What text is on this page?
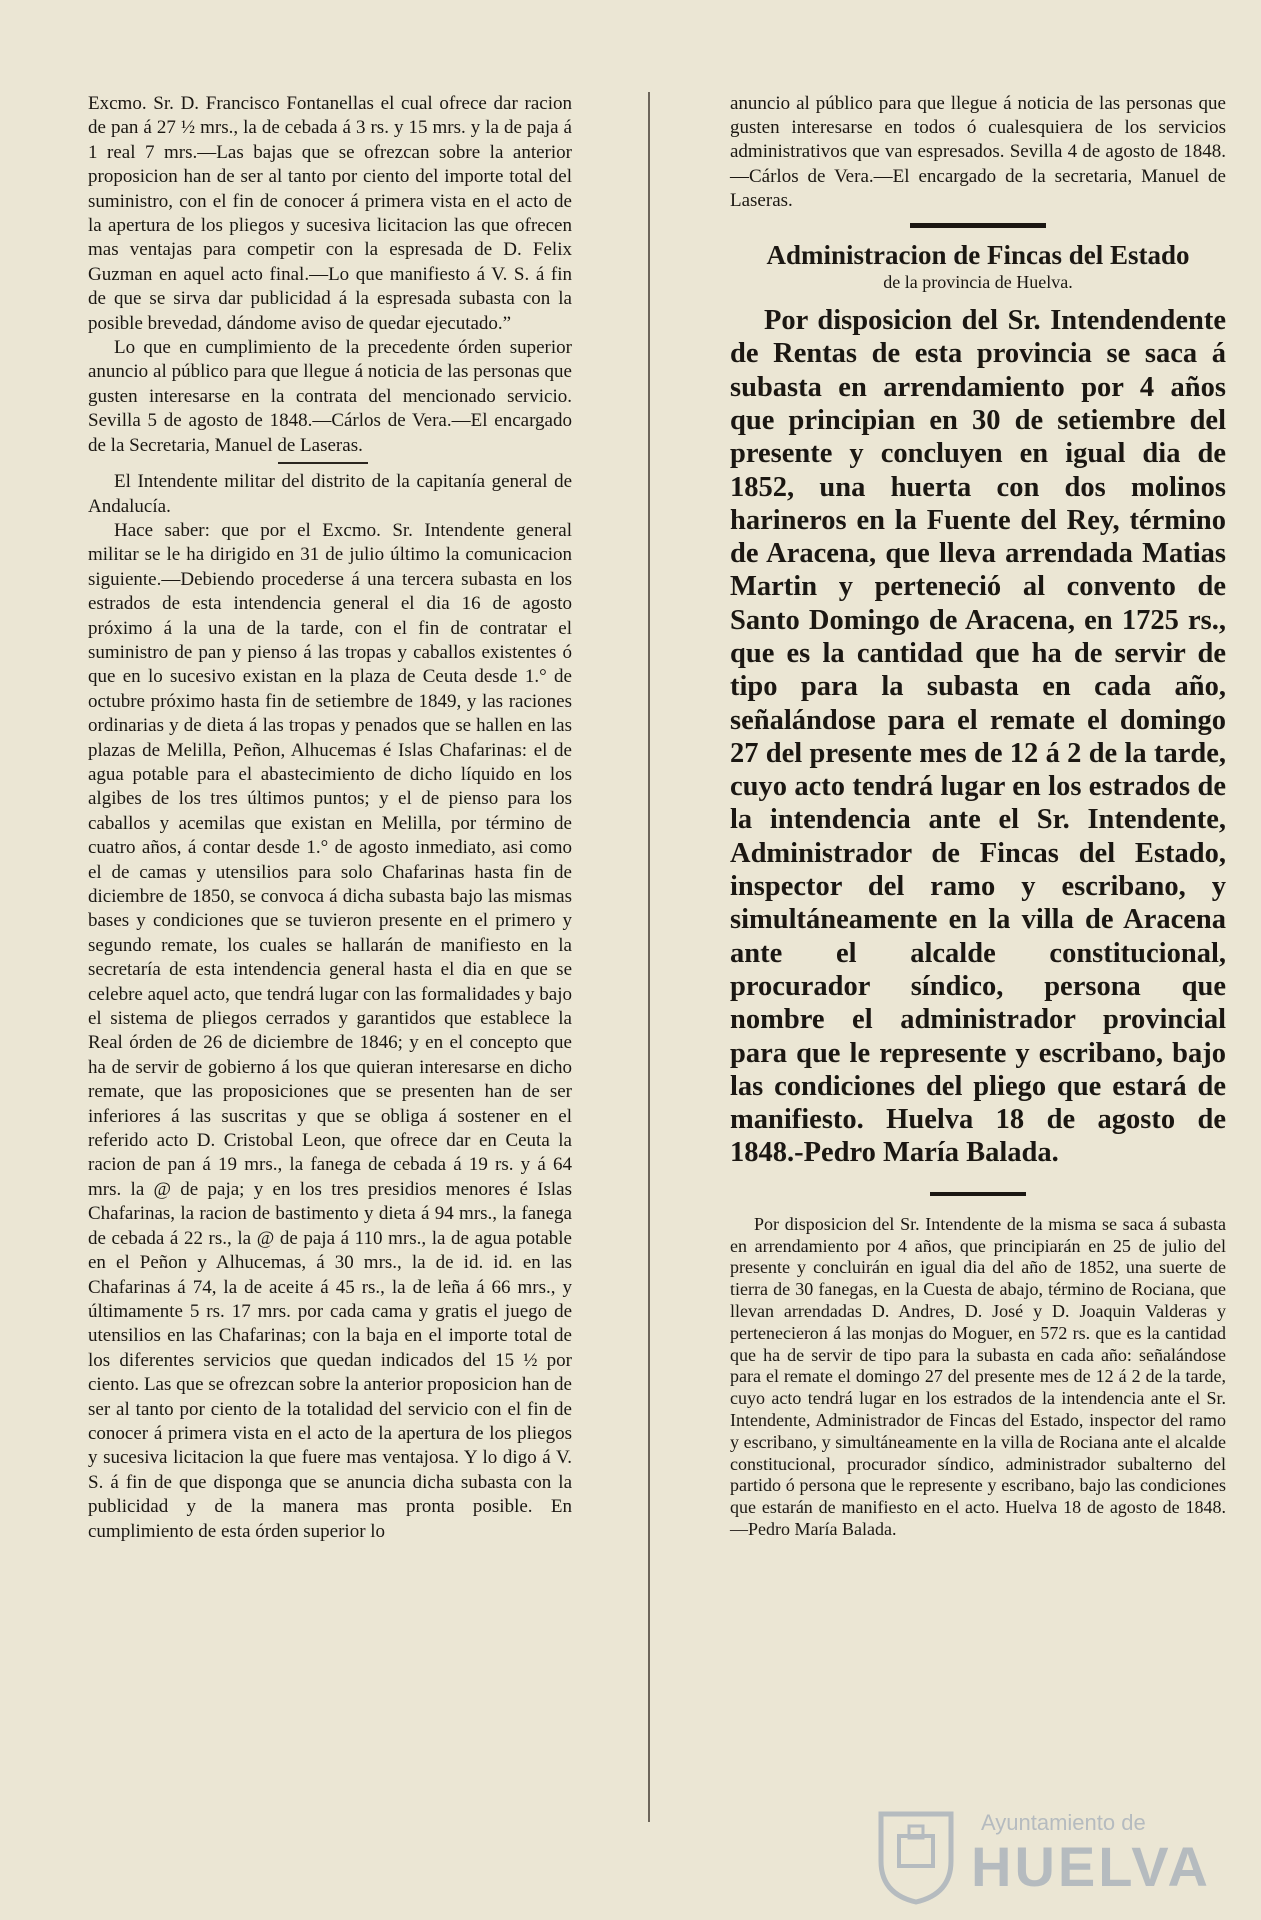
Excmo. Sr. D. Francisco Fontanellas el cual ofrece dar racion de pan á 27 ½ mrs., la de cebada á 3 rs. y 15 mrs. y la de paja á 1 real 7 mrs.—Las bajas que se ofrezcan sobre la anterior proposicion han de ser al tanto por ciento del importe total del suministro, con el fin de conocer á primera vista en el acto de la apertura de los pliegos y sucesiva licitacion las que ofrecen mas ventajas para competir con la espresada de D. Felix Guzman en aquel acto final.—Lo que manifiesto á V. S. á fin de que se sirva dar publicidad á la espresada subasta con la posible brevedad, dándome aviso de quedar ejecutado.”

Lo que en cumplimiento de la precedente órden superior anuncio al público para que llegue á noticia de las personas que gusten interesarse en la contrata del mencionado servicio. Sevilla 5 de agosto de 1848.—Cárlos de Vera.—El encargado de la Secretaria, Manuel de Laseras.

El Intendente militar del distrito de la capitanía general de Andalucía.

Hace saber: que por el Excmo. Sr. Intendente general militar se le ha dirigido en 31 de julio último la comunicacion siguiente.—Debiendo procederse á una tercera subasta en los estrados de esta intendencia general el dia 16 de agosto próximo á la una de la tarde, con el fin de contratar el suministro de pan y pienso á las tropas y caballos existentes ó que en lo sucesivo existan en la plaza de Ceuta desde 1.° de octubre próximo hasta fin de setiembre de 1849, y las raciones ordinarias y de dieta á las tropas y penados que se hallen en las plazas de Melilla, Peñon, Alhucemas é Islas Chafarinas: el de agua potable para el abastecimiento de dicho líquido en los algibes de los tres últimos puntos; y el de pienso para los caballos y acemilas que existan en Melilla, por término de cuatro años, á contar desde 1.° de agosto inmediato, asi como el de camas y utensilios para solo Chafarinas hasta fin de diciembre de 1850, se convoca á dicha subasta bajo las mismas bases y condiciones que se tuvieron presente en el primero y segundo remate, los cuales se hallarán de manifiesto en la secretaría de esta intendencia general hasta el dia en que se celebre aquel acto, que tendrá lugar con las formalidades y bajo el sistema de pliegos cerrados y garantidos que establece la Real órden de 26 de diciembre de 1846; y en el concepto que ha de servir de gobierno á los que quieran interesarse en dicho remate, que las proposiciones que se presenten han de ser inferiores á las suscritas y que se obliga á sostener en el referido acto D. Cristobal Leon, que ofrece dar en Ceuta la racion de pan á 19 mrs., la fanega de cebada á 19 rs. y á 64 mrs. la @ de paja; y en los tres presidios menores é Islas Chafarinas, la racion de bastimento y dieta á 94 mrs., la fanega de cebada á 22 rs., la @ de paja á 110 mrs., la de agua potable en el Peñon y Alhucemas, á 30 mrs., la de id. id. en las Chafarinas á 74, la de aceite á 45 rs., la de leña á 66 mrs., y últimamente 5 rs. 17 mrs. por cada cama y gratis el juego de utensilios en las Chafarinas; con la baja en el importe total de los diferentes servicios que quedan indicados del 15 ½ por ciento. Las que se ofrezcan sobre la anterior proposicion han de ser al tanto por ciento de la totalidad del servicio con el fin de conocer á primera vista en el acto de la apertura de los pliegos y sucesiva licitacion la que fuere mas ventajosa. Y lo digo á V. S. á fin de que disponga que se anuncia dicha subasta con la publicidad y de la manera mas pronta posible. En cumplimiento de esta órden superior lo

anuncio al público para que llegue á noticia de las personas que gusten interesarse en todos ó cualesquiera de los servicios administrativos que van espresados. Sevilla 4 de agosto de 1848.—Cárlos de Vera.—El encargado de la secretaria, Manuel de Laseras.

Administracion de Fincas del Estado
de la provincia de Huelva.

Por disposicion del Sr. Intendendente de Rentas de esta provincia se saca á subasta en arrendamiento por 4 años que principian en 30 de setiembre del presente y concluyen en igual dia de 1852, una huerta con dos molinos harineros en la Fuente del Rey, término de Aracena, que lleva arrendada Matias Martin y perteneció al convento de Santo Domingo de Aracena, en 1725 rs., que es la cantidad que ha de servir de tipo para la subasta en cada año, señalándose para el remate el domingo 27 del presente mes de 12 á 2 de la tarde, cuyo acto tendrá lugar en los estrados de la intendencia ante el Sr. Intendente, Administrador de Fincas del Estado, inspector del ramo y escribano, y simultáneamente en la villa de Aracena ante el alcalde constitucional, procurador síndico, persona que nombre el administrador provincial para que le represente y escribano, bajo las condiciones del pliego que estará de manifiesto. Huelva 18 de agosto de 1848.-Pedro María Balada.

Por disposicion del Sr. Intendente de la misma se saca á subasta en arrendamiento por 4 años, que principiarán en 25 de julio del presente y concluirán en igual dia del año de 1852, una suerte de tierra de 30 fanegas, en la Cuesta de abajo, término de Rociana, que llevan arrendadas D. Andres, D. José y D. Joaquin Valderas y pertenecieron á las monjas do Moguer, en 572 rs. que es la cantidad que ha de servir de tipo para la subasta en cada año: señalándose para el remate el domingo 27 del presente mes de 12 á 2 de la tarde, cuyo acto tendrá lugar en los estrados de la intendencia ante el Sr. Intendente, Administrador de Fincas del Estado, inspector del ramo y escribano, y simultáneamente en la villa de Rociana ante el alcalde constitucional, procurador síndico, administrador subalterno del partido ó persona que le represente y escribano, bajo las condiciones que estarán de manifiesto en el acto. Huelva 18 de agosto de 1848.—Pedro María Balada.

Ayuntamiento de
HUELVA
